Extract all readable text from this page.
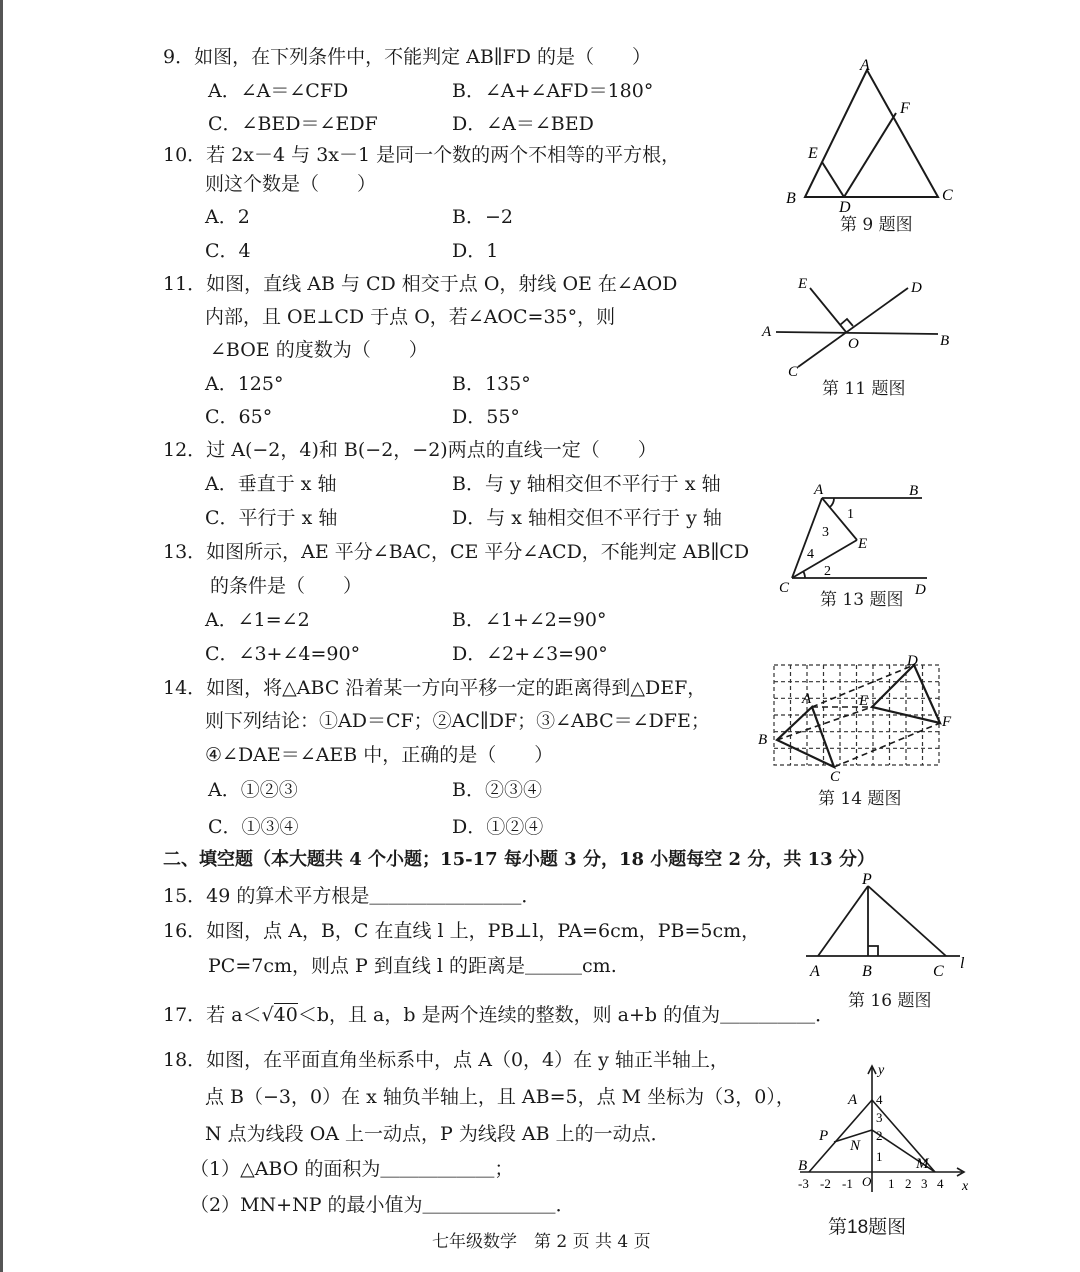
9．如图，在下列条件中，不能判定 AB∥FD 的是（　　）
A．∠A＝∠CFD	B．∠A+∠AFD＝180°
C．∠BED＝∠EDF	D．∠A＝∠BED
10．若 2x－4 与 3x－1 是同一个数的两个不相等的平方根，
则这个数是（　　）
A．2	B．−2
C．4	D．1
11．如图，直线 AB 与 CD 相交于点 O，射线 OE 在∠AOD
内部，且 OE⊥CD 于点 O，若∠AOC=35°，则
∠BOE 的度数为（　　）
A．125°	B．135°
C．65°	D．55°
12．过 A(−2，4)和 B(−2，−2)两点的直线一定（　　）
A．垂直于 x 轴	B．与 y 轴相交但不平行于 x 轴
C．平行于 x 轴	D．与 x 轴相交但不平行于 y 轴
13．如图所示，AE 平分∠BAC，CE 平分∠ACD，不能判定 AB∥CD
的条件是（　　）
A．∠1=∠2	B．∠1+∠2=90°
C．∠3+∠4=90°	D．∠2+∠3=90°
14．如图，将△ABC 沿着某一方向平移一定的距离得到△DEF，
则下列结论：①AD＝CF；②AC∥DF；③∠ABC＝∠DFE；
④∠DAE＝∠AEB 中，正确的是（　　）
A．①②③	B．②③④
C．①③④	D．①②④
二、填空题（本大题共 4 个小题；15-17 每小题 3 分，18 小题每空 2 分，共 13 分）
15．49 的算术平方根是＿＿＿＿＿＿＿＿．
16．如图，点 A，B，C 在直线 l 上，PB⊥l，PA=6cm，PB=5cm，
PC=7cm，则点 P 到直线 l 的距离是＿＿＿cm.
17．若 a＜√40＜b，且 a，b 是两个连续的整数，则 a+b 的值为＿＿＿＿＿．
18．如图，在平面直角坐标系中，点 A（0，4）在 y 轴正半轴上，
点 B（−3，0）在 x 轴负半轴上，且 AB=5，点 M 坐标为（3，0），
N 点为线段 OA 上一动点，P 为线段 AB 上的一动点．
（1）△ABO 的面积为＿＿＿＿＿＿；
（2）MN+NP 的最小值为＿＿＿＿＿＿＿．
七年级数学　第 2 页 共 4 页
A
B	C
D
E
F
第 9 题图
A
B
C
D
E
O
第 11 题图
A	B
C	D
E
1
2
3
4
第 13 题图
A
B
C
D
E
F
第 14 题图
P
A	B	C l
第 16 题图
-3 -2 -1	1 2 3 4
1
2
3
4
O
A
B
P
N
M
x
y
第18题图
